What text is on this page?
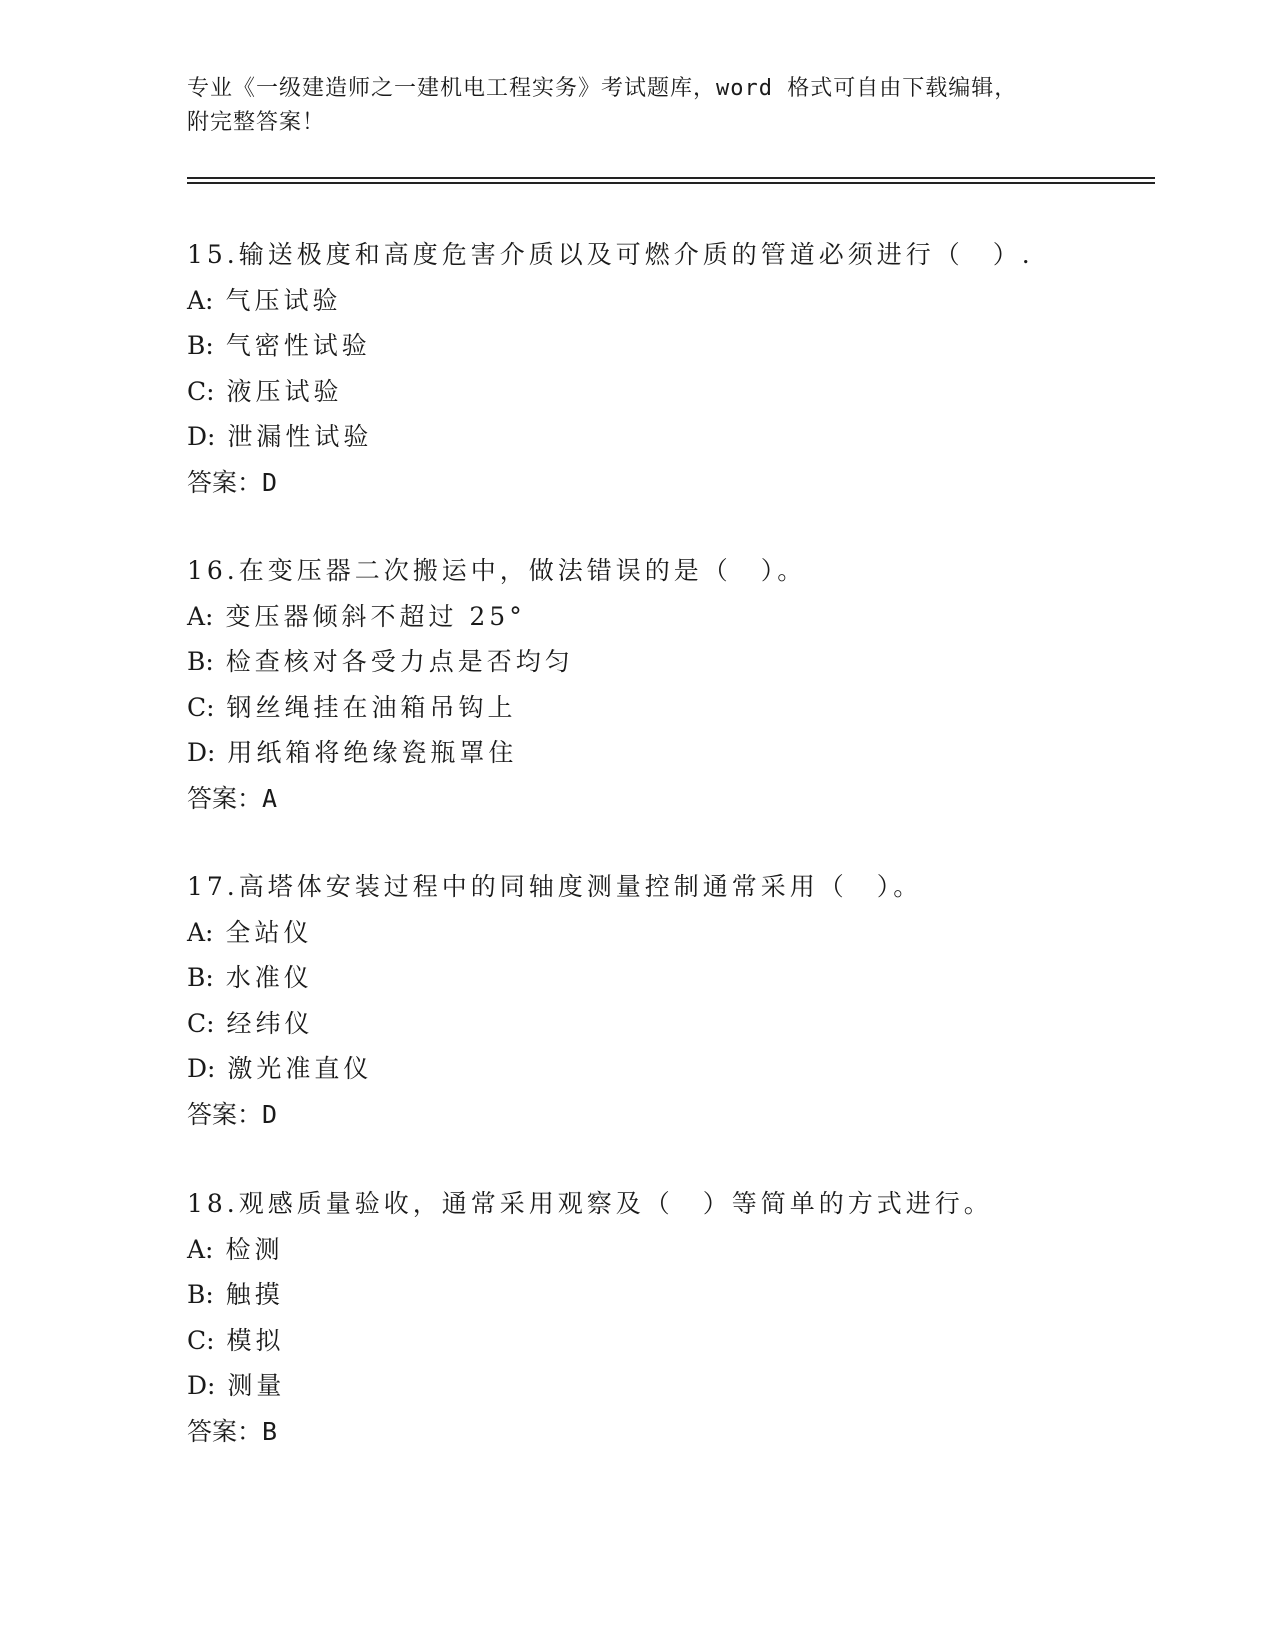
专业《一级建造师之一建机电工程实务》考试题库，word 格式可自由下载编辑，
附完整答案！
15.输送极度和高度危害介质以及可燃介质的管道必须进行（　）.
A: 气压试验
B: 气密性试验
C: 液压试验
D: 泄漏性试验
答案：D
16.在变压器二次搬运中，做法错误的是（　）。
A: 变压器倾斜不超过 25°
B: 检查核对各受力点是否均匀
C: 钢丝绳挂在油箱吊钩上
D: 用纸箱将绝缘瓷瓶罩住
答案：A
17.高塔体安装过程中的同轴度测量控制通常采用（　）。
A: 全站仪
B: 水准仪
C: 经纬仪
D: 激光准直仪
答案：D
18.观感质量验收，通常采用观察及（　）等简单的方式进行。
A: 检测
B: 触摸
C: 模拟
D: 测量
答案：B
